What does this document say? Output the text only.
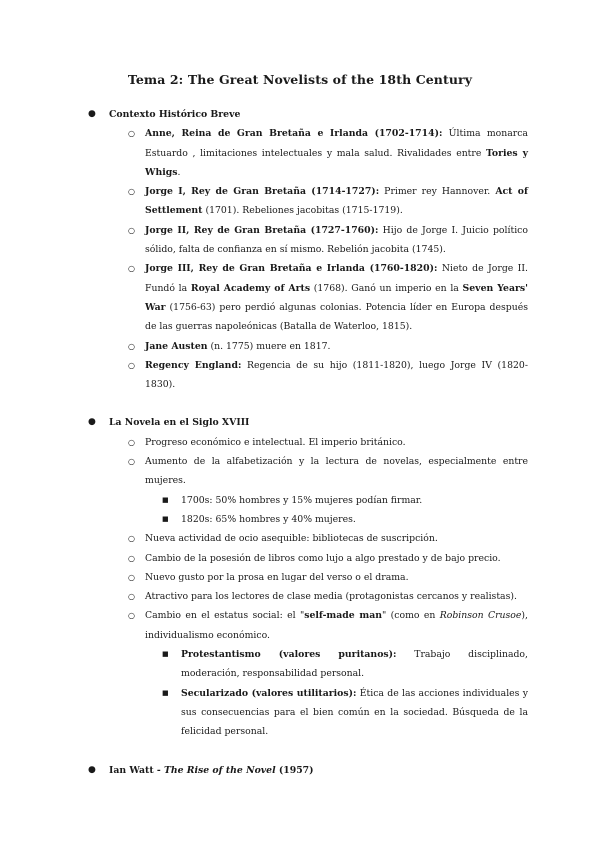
Tema 2: The Great Novelists of the 18th Century
● Contexto Histórico Breve
○ Anne, Reina de Gran Bretaña e Irlanda (1702-1714): Última monarca Estuardo , limitaciones intelectuales y mala salud. Rivalidades entre Tories y Whigs.
○ Jorge I, Rey de Gran Bretaña (1714-1727): Primer rey Hannover. Act of Settlement (1701). Rebeliones jacobitas (1715-1719).
○ Jorge II, Rey de Gran Bretaña (1727-1760): Hijo de Jorge I. Juicio político sólido, falta de confianza en sí mismo. Rebelión jacobita (1745).
○ Jorge III, Rey de Gran Bretaña e Irlanda (1760-1820): Nieto de Jorge II. Fundó la Royal Academy of Arts (1768). Ganó un imperio en la Seven Years' War (1756-63) pero perdió algunas colonias. Potencia líder en Europa después de las guerras napoleónicas (Batalla de Waterloo, 1815).
○ Jane Austen (n. 1775) muere en 1817.
○ Regency England: Regencia de su hijo (1811-1820), luego Jorge IV (1820-1830).
● La Novela en el Siglo XVIII
○ Progreso económico e intelectual. El imperio británico.
○ Aumento de la alfabetización y la lectura de novelas, especialmente entre mujeres.
■ 1700s: 50% hombres y 15% mujeres podían firmar.
■ 1820s: 65% hombres y 40% mujeres.
○ Nueva actividad de ocio asequible: bibliotecas de suscripción.
○ Cambio de la posesión de libros como lujo a algo prestado y de bajo precio.
○ Nuevo gusto por la prosa en lugar del verso o el drama.
○ Atractivo para los lectores de clase media (protagonistas cercanos y realistas).
○ Cambio en el estatus social: el "self-made man" (como en Robinson Crusoe), individualismo económico.
■ Protestantismo (valores puritanos): Trabajo disciplinado, moderación, responsabilidad personal.
■ Secularizado (valores utilitarios): Ética de las acciones individuales y sus consecuencias para el bien común en la sociedad. Búsqueda de la felicidad personal.
● Ian Watt - The Rise of the Novel (1957)
